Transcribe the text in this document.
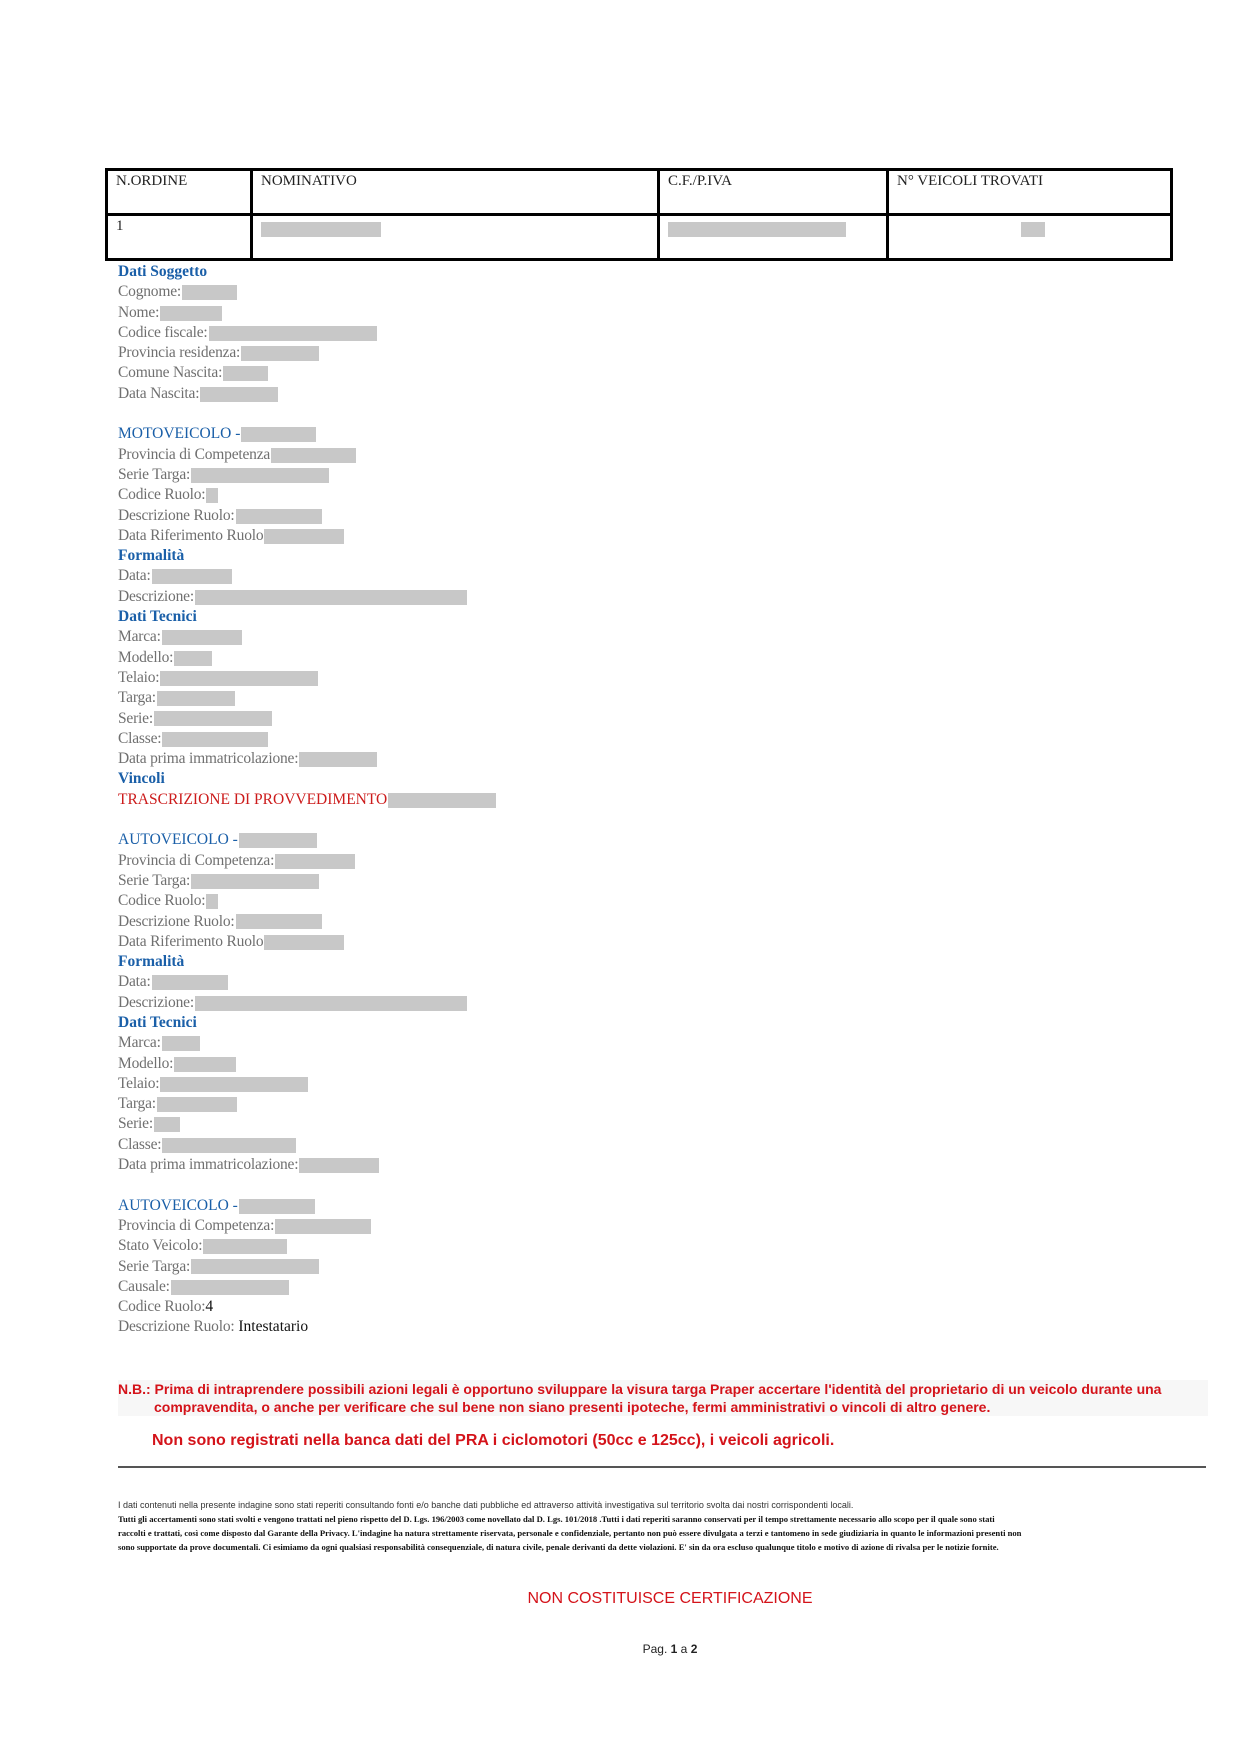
N.ORDINE	NOMINATIVO	C.F./P.IVA	N° VEICOLI TROVATI
1			
Dati Soggetto
Cognome:
Nome:
Codice fiscale:
Provincia residenza:
Comune Nascita:
Data Nascita:
MOTOVEICOLO -
Provincia di Competenza
Serie Targa:
Codice Ruolo:
Descrizione Ruolo:
Data Riferimento Ruolo
Formalità
Data:
Descrizione:
Dati Tecnici
Marca:
Modello:
Telaio:
Targa:
Serie:
Classe:
Data prima immatricolazione:
Vincoli
TRASCRIZIONE DI PROVVEDIMENTO
AUTOVEICOLO -
Provincia di Competenza:
Serie Targa:
Codice Ruolo:
Descrizione Ruolo:
Data Riferimento Ruolo
Formalità
Data:
Descrizione:
Dati Tecnici
Marca:
Modello:
Telaio:
Targa:
Serie:
Classe:
Data prima immatricolazione:
AUTOVEICOLO -
Provincia di Competenza:
Stato Veicolo:
Serie Targa:
Causale:
Codice Ruolo:4
Descrizione Ruolo: Intestatario
N.B.: Prima di intraprendere possibili azioni legali è opportuno sviluppare la visura targa Praper accertare l'identità del proprietario di un veicolo durante una
compravendita, o anche per verificare che sul bene non siano presenti ipoteche, fermi amministrativi o vincoli di altro genere.
Non sono registrati nella banca dati del PRA i ciclomotori (50cc e 125cc), i veicoli agricoli.
I dati contenuti nella presente indagine sono stati reperiti consultando fonti e/o banche dati pubbliche ed attraverso attività investigativa sul territorio svolta dai nostri corrispondenti locali.
Tutti gli accertamenti sono stati svolti e vengono trattati nel pieno rispetto del D. Lgs. 196/2003 come novellato dal D. Lgs. 101/2018 .Tutti i dati reperiti saranno conservati per il tempo strettamente necessario allo scopo per il quale sono stati
raccolti e trattati, così come disposto dal Garante della Privacy. L'indagine ha natura strettamente riservata, personale e confidenziale, pertanto non può essere divulgata a terzi e tantomeno in sede giudiziaria in quanto le informazioni presenti non
sono supportate da prove documentali. Ci esimiamo da ogni qualsiasi responsabilità consequenziale, di natura civile, penale derivanti da dette violazioni. E' sin da ora escluso qualunque titolo e motivo di azione di rivalsa per le notizie fornite.
NON COSTITUISCE CERTIFICAZIONE
Pag. 1 a 2
